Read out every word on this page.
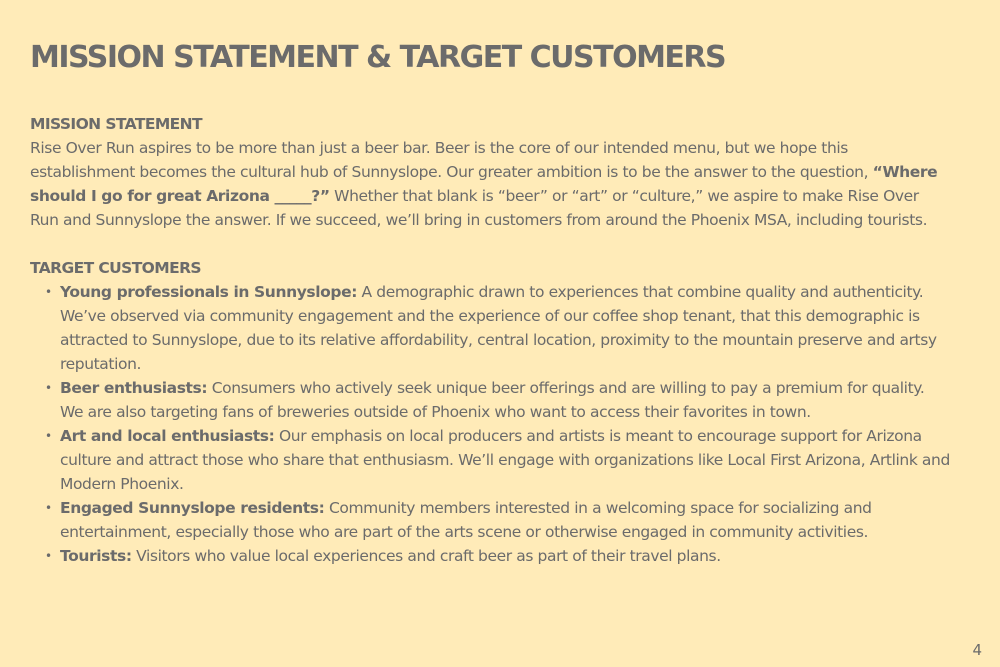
MISSION STATEMENT & TARGET CUSTOMERS
MISSION STATEMENT

Rise Over Run aspires to be more than just a beer bar. Beer is the core of our intended menu, but we hope this establishment becomes the cultural hub of Sunnyslope. Our greater ambition is to be the answer to the question, “Where should I go for great Arizona _____?” Whether that blank is “beer” or “art” or “culture,” we aspire to make Rise Over Run and Sunnyslope the answer. If we succeed, we’ll bring in customers from around the Phoenix MSA, including tourists.

TARGET CUSTOMERS
• Young professionals in Sunnyslope: A demographic drawn to experiences that combine quality and authenticity. We’ve observed via community engagement and the experience of our coffee shop tenant, that this demographic is attracted to Sunnyslope, due to its relative affordability, central location, proximity to the mountain preserve and artsy reputation.
• Beer enthusiasts: Consumers who actively seek unique beer offerings and are willing to pay a premium for quality. We are also targeting fans of breweries outside of Phoenix who want to access their favorites in town.
• Art and local enthusiasts: Our emphasis on local producers and artists is meant to encourage support for Arizona culture and attract those who share that enthusiasm. We’ll engage with organizations like Local First Arizona, Artlink and Modern Phoenix.
• Engaged Sunnyslope residents: Community members interested in a welcoming space for socializing and entertainment, especially those who are part of the arts scene or otherwise engaged in community activities.
• Tourists: Visitors who value local experiences and craft beer as part of their travel plans.
4
